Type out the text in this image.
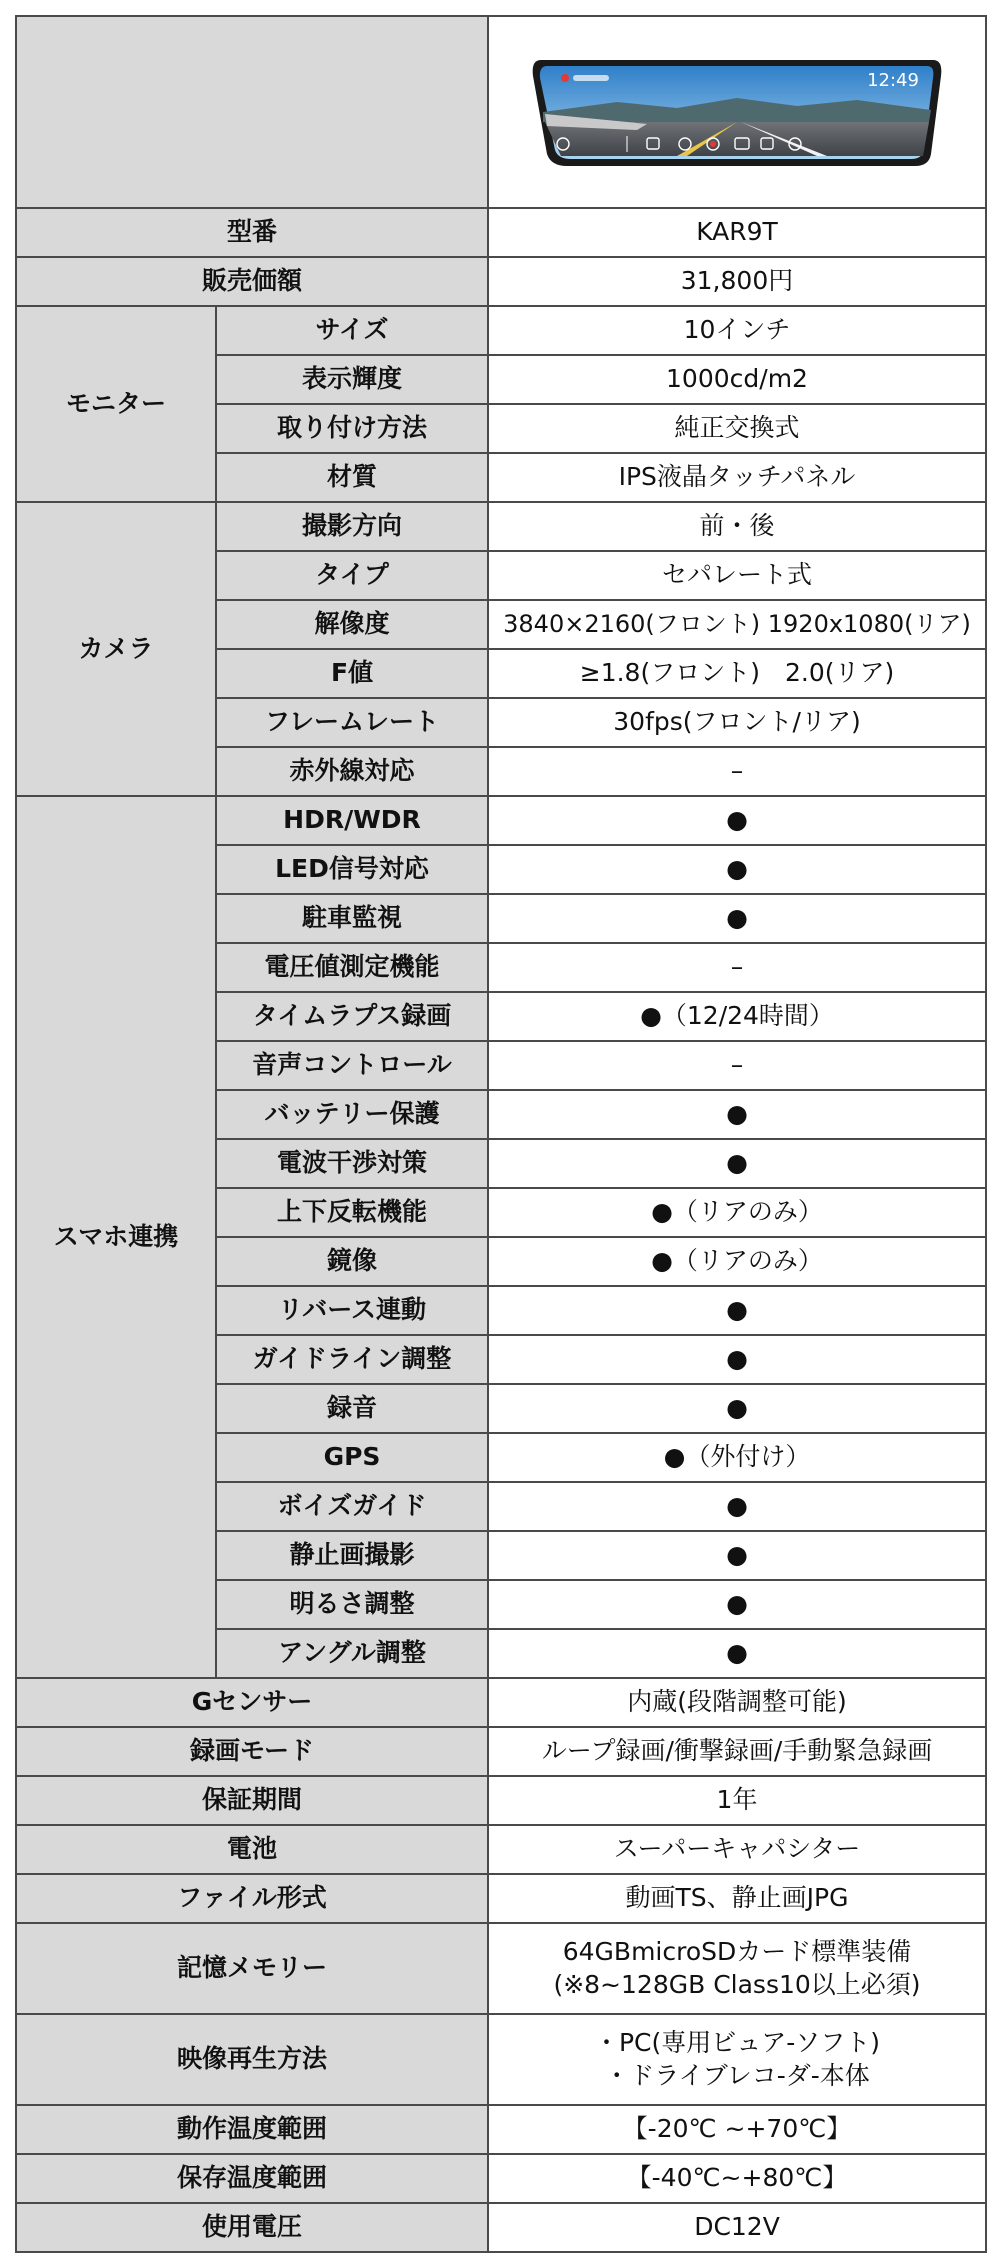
12:49

型番		KAR9T
販売価額		31,800円
モニター	サイズ	10インチ
	表示輝度	1000cd/m2
	取り付け方法	純正交換式
	材質	IPS液晶タッチパネル
カメラ	撮影方向	前・後
	タイプ	セパレート式
	解像度	3840×2160(フロント) 1920x1080(リア)
	F値	≥1.8(フロント)　2.0(リア)
	フレームレート	30fps(フロント/リア)
	赤外線対応	–
スマホ連携	HDR/WDR	●
	LED信号対応	●
	駐車監視	●
	電圧値測定機能	–
	タイムラプス録画	●（12/24時間）
	音声コントロール	–
	バッテリー保護	●
	電波干渉対策	●
	上下反転機能	●（リアのみ）
	鏡像	●（リアのみ）
	リバース連動	●
	ガイドライン調整	●
	録音	●
	GPS	●（外付け）
	ボイズガイド	●
	静止画撮影	●
	明るさ調整	●
	アングル調整	●
Gセンサー		内蔵(段階調整可能)
録画モード		ループ録画/衝撃録画/手動緊急録画
保証期間		1年
電池		スーパーキャパシター
ファイル形式		動画TS、静止画JPG
記憶メモリー		64GBmicroSDカード標準装備
(※8~128GB Class10以上必須)

映像再生方法		・PC(専用ビュア-ソフト)
・ドライブレコ-ダ-本体

動作温度範囲		【-20℃ ~+70℃】
保存温度範囲		【-40℃~+80℃】
使用電圧		DC12V
